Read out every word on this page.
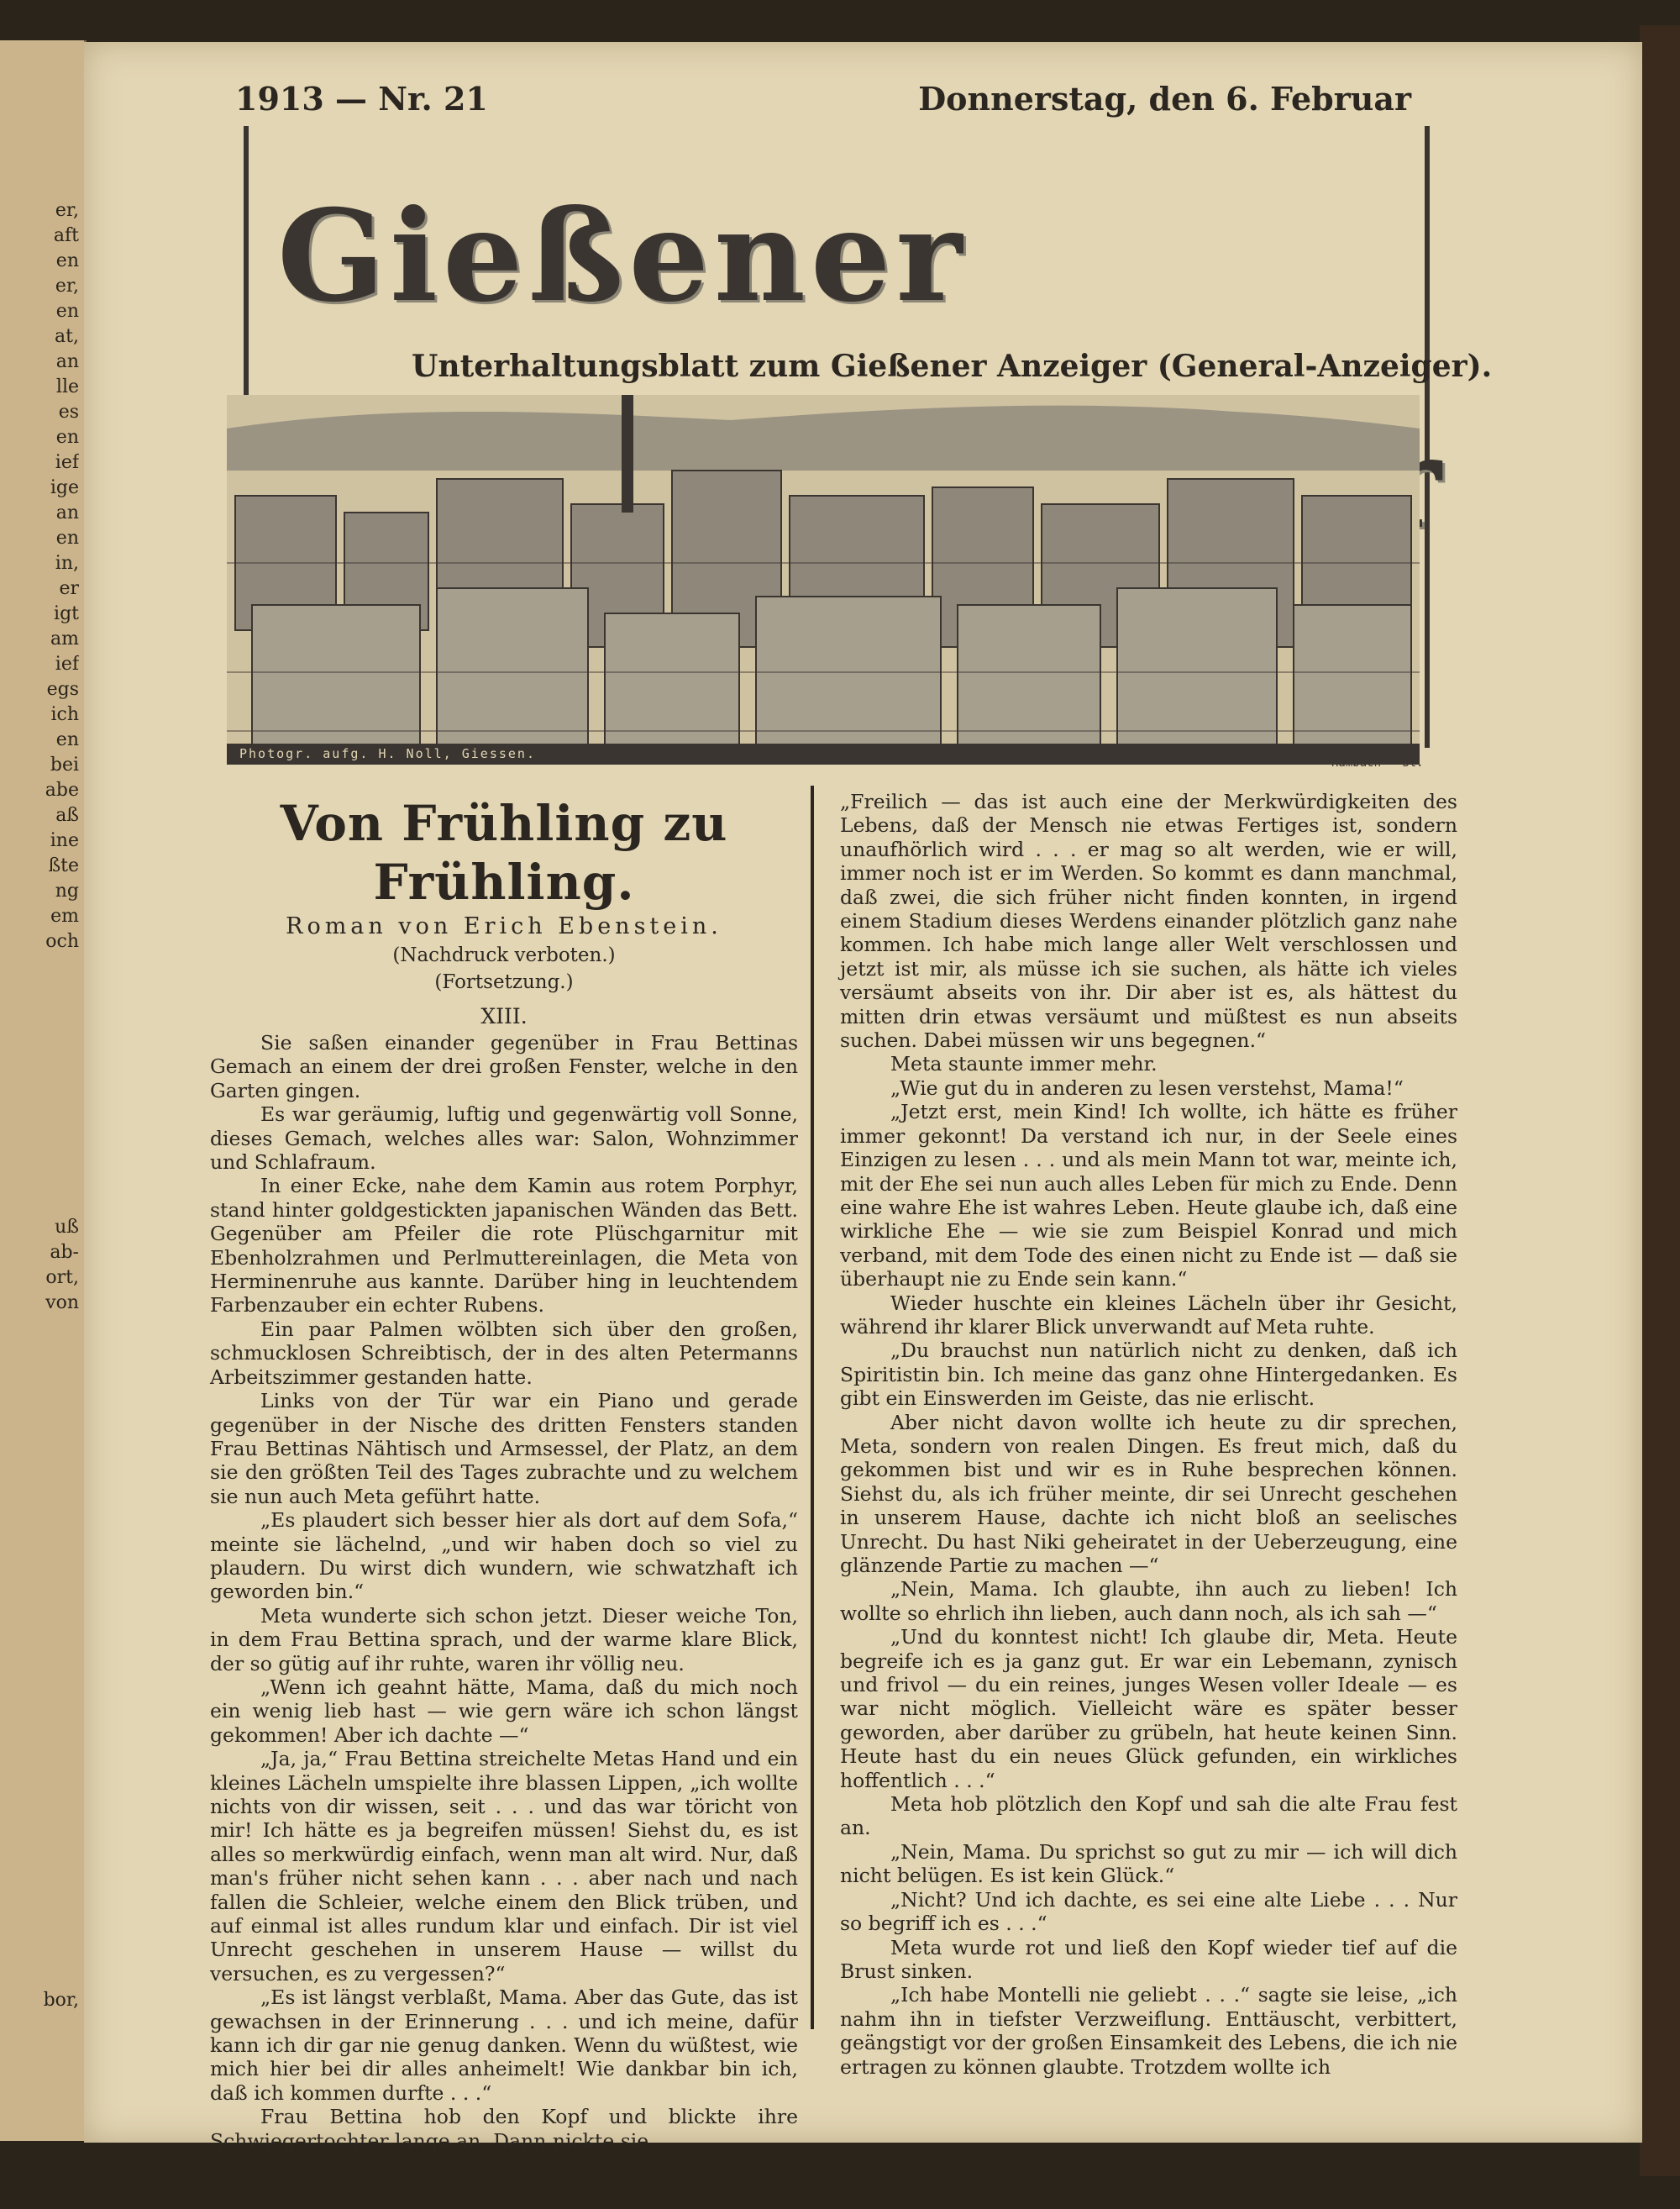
er,
aft
en
er,
en
at,
an
lle
es
en
ief
ige
an
en
in,
er
igt
am
ief
egs
ich
en
bei
abe
aß
ine
ßte
ng
em
och
uß
ab-
ort,
von
bor,
1913 — Nr. 21	Donnerstag, den 6. Februar
Gießener
Unterhaltungsblatt zum Gießener Anzeiger (General-Anzeiger).
Photogr. aufg. H. Noll, Giessen.
Hambach - St.
Von Frühling zu Frühling.
Roman von Erich Ebenstein.
(Nachdruck verboten.)
(Fortsetzung.)
XIII.

Sie saßen einander gegenüber in Frau Bettinas Gemach an einem der drei großen Fenster, welche in den Garten gingen.

Es war geräumig, luftig und gegenwärtig voll Sonne, dieses Gemach, welches alles war: Salon, Wohnzimmer und Schlafraum.

In einer Ecke, nahe dem Kamin aus rotem Porphyr, stand hinter goldgestickten japanischen Wänden das Bett. Gegenüber am Pfeiler die rote Plüschgarnitur mit Ebenholzrahmen und Perlmuttereinlagen, die Meta von Herminenruhe aus kannte. Darüber hing in leuchtendem Farbenzauber ein echter Rubens.

Ein paar Palmen wölbten sich über den großen, schmucklosen Schreibtisch, der in des alten Petermanns Arbeitszimmer gestanden hatte.

Links von der Tür war ein Piano und gerade gegenüber in der Nische des dritten Fensters standen Frau Bettinas Nähtisch und Armsessel, der Platz, an dem sie den größten Teil des Tages zubrachte und zu welchem sie nun auch Meta geführt hatte.

„Es plaudert sich besser hier als dort auf dem Sofa,“ meinte sie lächelnd, „und wir haben doch so viel zu plaudern. Du wirst dich wundern, wie schwatzhaft ich geworden bin.“

Meta wunderte sich schon jetzt. Dieser weiche Ton, in dem Frau Bettina sprach, und der warme klare Blick, der so gütig auf ihr ruhte, waren ihr völlig neu.

„Wenn ich geahnt hätte, Mama, daß du mich noch ein wenig lieb hast — wie gern wäre ich schon längst gekommen! Aber ich dachte —“

„Ja, ja,“ Frau Bettina streichelte Metas Hand und ein kleines Lächeln umspielte ihre blassen Lippen, „ich wollte nichts von dir wissen, seit . . . und das war töricht von mir! Ich hätte es ja begreifen müssen! Siehst du, es ist alles so merkwürdig einfach, wenn man alt wird. Nur, daß man's früher nicht sehen kann . . . aber nach und nach fallen die Schleier, welche einem den Blick trüben, und auf einmal ist alles rundum klar und einfach. Dir ist viel Unrecht geschehen in unserem Hause — willst du versuchen, es zu vergessen?“

„Es ist längst verblaßt, Mama. Aber das Gute, das ist gewachsen in der Erinnerung . . . und ich meine, dafür kann ich dir gar nie genug danken. Wenn du wüßtest, wie mich hier bei dir alles anheimelt! Wie dankbar bin ich, daß ich kommen durfte . . .“

Frau Bettina hob den Kopf und blickte ihre Schwiegertochter lange an. Dann nickte sie.

„Freilich — das ist auch eine der Merkwürdigkeiten des Lebens, daß der Mensch nie etwas Fertiges ist, sondern unaufhörlich wird . . . er mag so alt werden, wie er will, immer noch ist er im Werden. So kommt es dann manchmal, daß zwei, die sich früher nicht finden konnten, in irgend einem Stadium dieses Werdens einander plötzlich ganz nahe kommen. Ich habe mich lange aller Welt verschlossen und jetzt ist mir, als müsse ich sie suchen, als hätte ich vieles versäumt abseits von ihr. Dir aber ist es, als hättest du mitten drin etwas versäumt und müßtest es nun abseits suchen. Dabei müssen wir uns begegnen.“

Meta staunte immer mehr.

„Wie gut du in anderen zu lesen verstehst, Mama!“

„Jetzt erst, mein Kind! Ich wollte, ich hätte es früher immer gekonnt! Da verstand ich nur, in der Seele eines Einzigen zu lesen . . . und als mein Mann tot war, meinte ich, mit der Ehe sei nun auch alles Leben für mich zu Ende. Denn eine wahre Ehe ist wahres Leben. Heute glaube ich, daß eine wirkliche Ehe — wie sie zum Beispiel Konrad und mich verband, mit dem Tode des einen nicht zu Ende ist — daß sie überhaupt nie zu Ende sein kann.“

Wieder huschte ein kleines Lächeln über ihr Gesicht, während ihr klarer Blick unverwandt auf Meta ruhte.

„Du brauchst nun natürlich nicht zu denken, daß ich Spiritistin bin. Ich meine das ganz ohne Hintergedanken. Es gibt ein Einswerden im Geiste, das nie erlischt.

Aber nicht davon wollte ich heute zu dir sprechen, Meta, sondern von realen Dingen. Es freut mich, daß du gekommen bist und wir es in Ruhe besprechen können. Siehst du, als ich früher meinte, dir sei Unrecht geschehen in unserem Hause, dachte ich nicht bloß an seelisches Unrecht. Du hast Niki geheiratet in der Ueberzeugung, eine glänzende Partie zu machen —“

„Nein, Mama. Ich glaubte, ihn auch zu lieben! Ich wollte so ehrlich ihn lieben, auch dann noch, als ich sah —“

„Und du konntest nicht! Ich glaube dir, Meta. Heute begreife ich es ja ganz gut. Er war ein Lebemann, zynisch und frivol — du ein reines, junges Wesen voller Ideale — es war nicht möglich. Vielleicht wäre es später besser geworden, aber darüber zu grübeln, hat heute keinen Sinn. Heute hast du ein neues Glück gefunden, ein wirkliches hoffentlich . . .“

Meta hob plötzlich den Kopf und sah die alte Frau fest an.

„Nein, Mama. Du sprichst so gut zu mir — ich will dich nicht belügen. Es ist kein Glück.“

„Nicht? Und ich dachte, es sei eine alte Liebe . . . Nur so begriff ich es . . .“

Meta wurde rot und ließ den Kopf wieder tief auf die Brust sinken.

„Ich habe Montelli nie geliebt . . .“ sagte sie leise, „ich nahm ihn in tiefster Verzweiflung. Enttäuscht, verbittert, geängstigt vor der großen Einsamkeit des Lebens, die ich nie ertragen zu können glaubte. Trotzdem wollte ich
